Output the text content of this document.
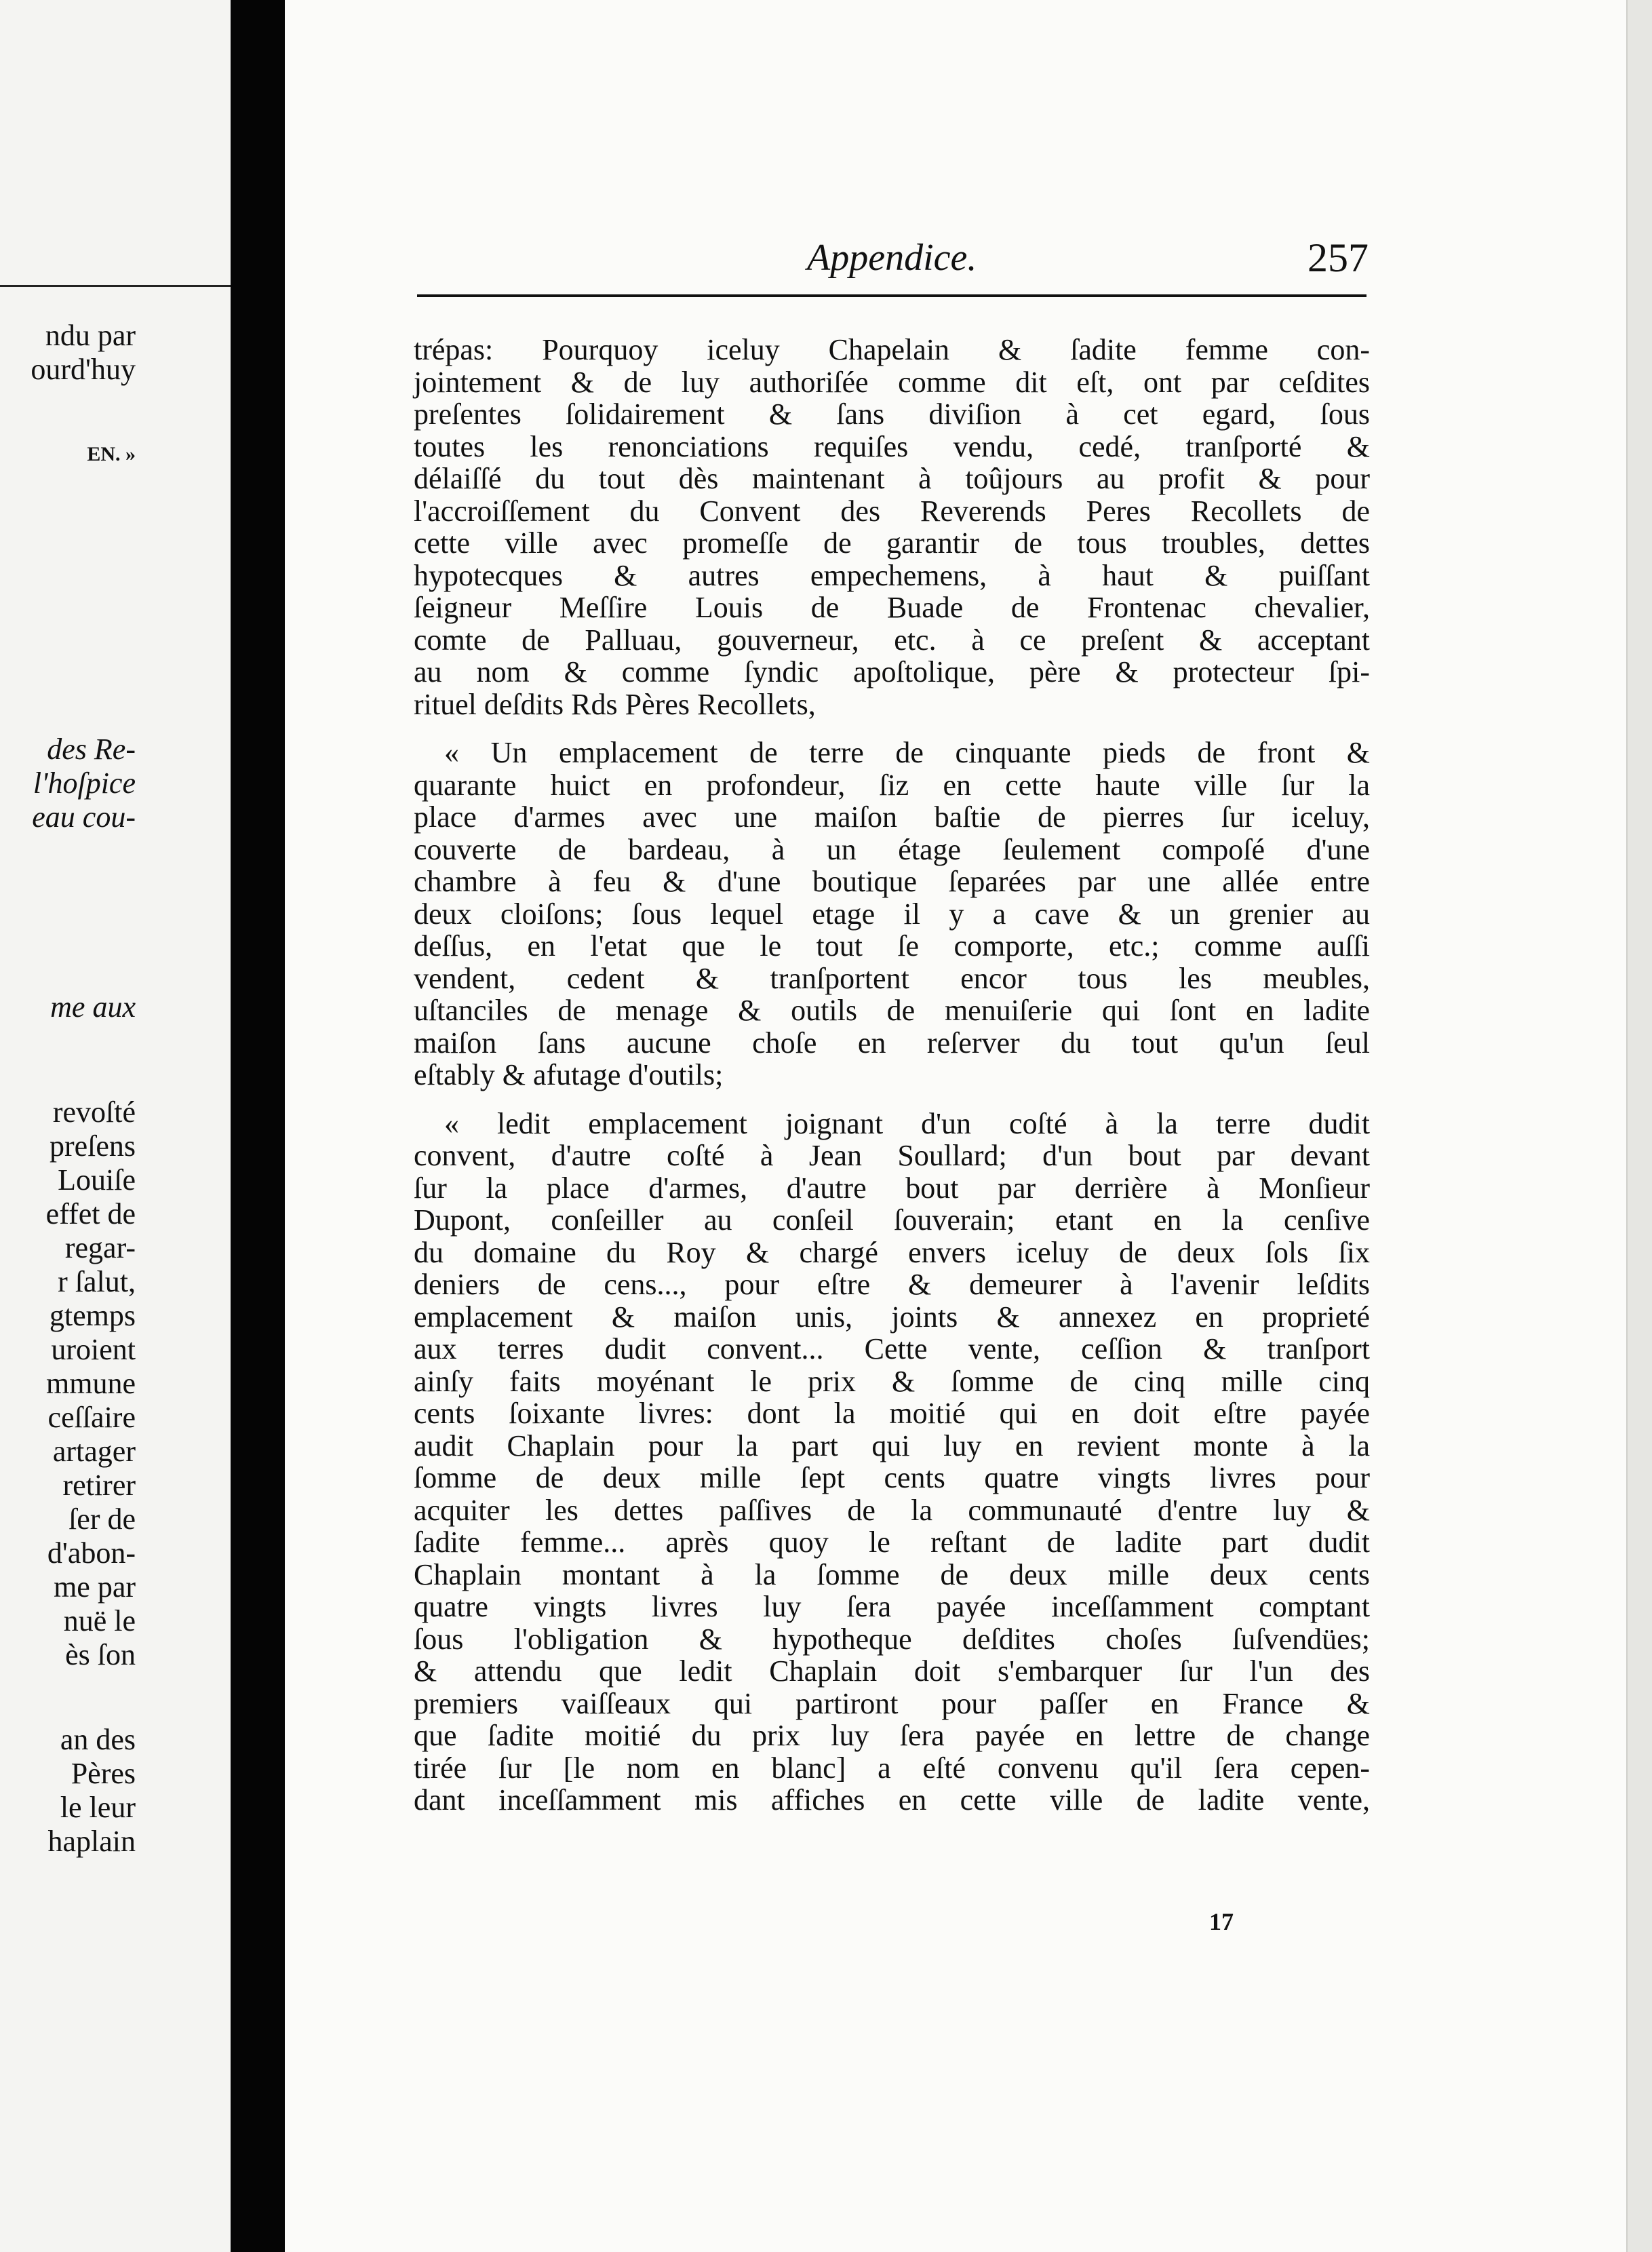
ndu par
ourd'huy
EN. »
des Re-
l'hoſpice
eau cou-
me aux
revoſté
preſens
Louiſe
effet de
regar-
r ſalut,
gtemps
uroient
mmune
ceſſaire
artager
retirer
ſer de
d'abon-
me par
nuë le
ès ſon
an des
Pères
le leur
haplain
Appendice.	257
trépas: Pourquoy iceluy Chapelain & ſadite femme con-
jointement & de luy authoriſée comme dit eſt, ont par ceſdites
preſentes ſolidairement & ſans diviſion à cet egard, ſous
toutes les renonciations requiſes vendu, cedé, tranſporté &
délaiſſé du tout dès maintenant à toûjours au profit & pour
l'accroiſſement du Convent des Reverends Peres Recollets de
cette ville avec promeſſe de garantir de tous troubles, dettes
hypotecques & autres empechemens, à haut & puiſſant
ſeigneur Meſſire Louis de Buade de Frontenac chevalier,
comte de Palluau, gouverneur, etc. à ce preſent & acceptant
au nom & comme ſyndic apoſtolique, père & protecteur ſpi-
rituel deſdits Rds Pères Recollets,
« Un emplacement de terre de cinquante pieds de front &
quarante huict en profondeur, ſiz en cette haute ville ſur la
place d'armes avec une maiſon baſtie de pierres ſur iceluy,
couverte de bardeau, à un étage ſeulement compoſé d'une
chambre à feu & d'une boutique ſeparées par une allée entre
deux cloiſons; ſous lequel etage il y a cave & un grenier au
deſſus, en l'etat que le tout ſe comporte, etc.; comme auſſi
vendent, cedent & tranſportent encor tous les meubles,
uſtanciles de menage & outils de menuiſerie qui ſont en ladite
maiſon ſans aucune choſe en reſerver du tout qu'un ſeul
eſtably & afutage d'outils;
« ledit emplacement joignant d'un coſté à la terre dudit
convent, d'autre coſté à Jean Soullard; d'un bout par devant
ſur la place d'armes, d'autre bout par derrière à Monſieur
Dupont, conſeiller au conſeil ſouverain; etant en la cenſive
du domaine du Roy & chargé envers iceluy de deux ſols ſix
deniers de cens..., pour eſtre & demeurer à l'avenir leſdits
emplacement & maiſon unis, joints & annexez en proprieté
aux terres dudit convent... Cette vente, ceſſion & tranſport
ainſy faits moyénant le prix & ſomme de cinq mille cinq
cents ſoixante livres: dont la moitié qui en doit eſtre payée
audit Chaplain pour la part qui luy en revient monte à la
ſomme de deux mille ſept cents quatre vingts livres pour
acquiter les dettes paſſives de la communauté d'entre luy &
ſadite femme... après quoy le reſtant de ladite part dudit
Chaplain montant à la ſomme de deux mille deux cents
quatre vingts livres luy ſera payée inceſſamment comptant
ſous l'obligation & hypotheque deſdites choſes ſuſvendües;
& attendu que ledit Chaplain doit s'embarquer ſur l'un des
premiers vaiſſeaux qui partiront pour paſſer en France &
que ſadite moitié du prix luy ſera payée en lettre de change
tirée ſur [le nom en blanc] a eſté convenu qu'il ſera cepen-
dant inceſſamment mis affiches en cette ville de ladite vente,
17
